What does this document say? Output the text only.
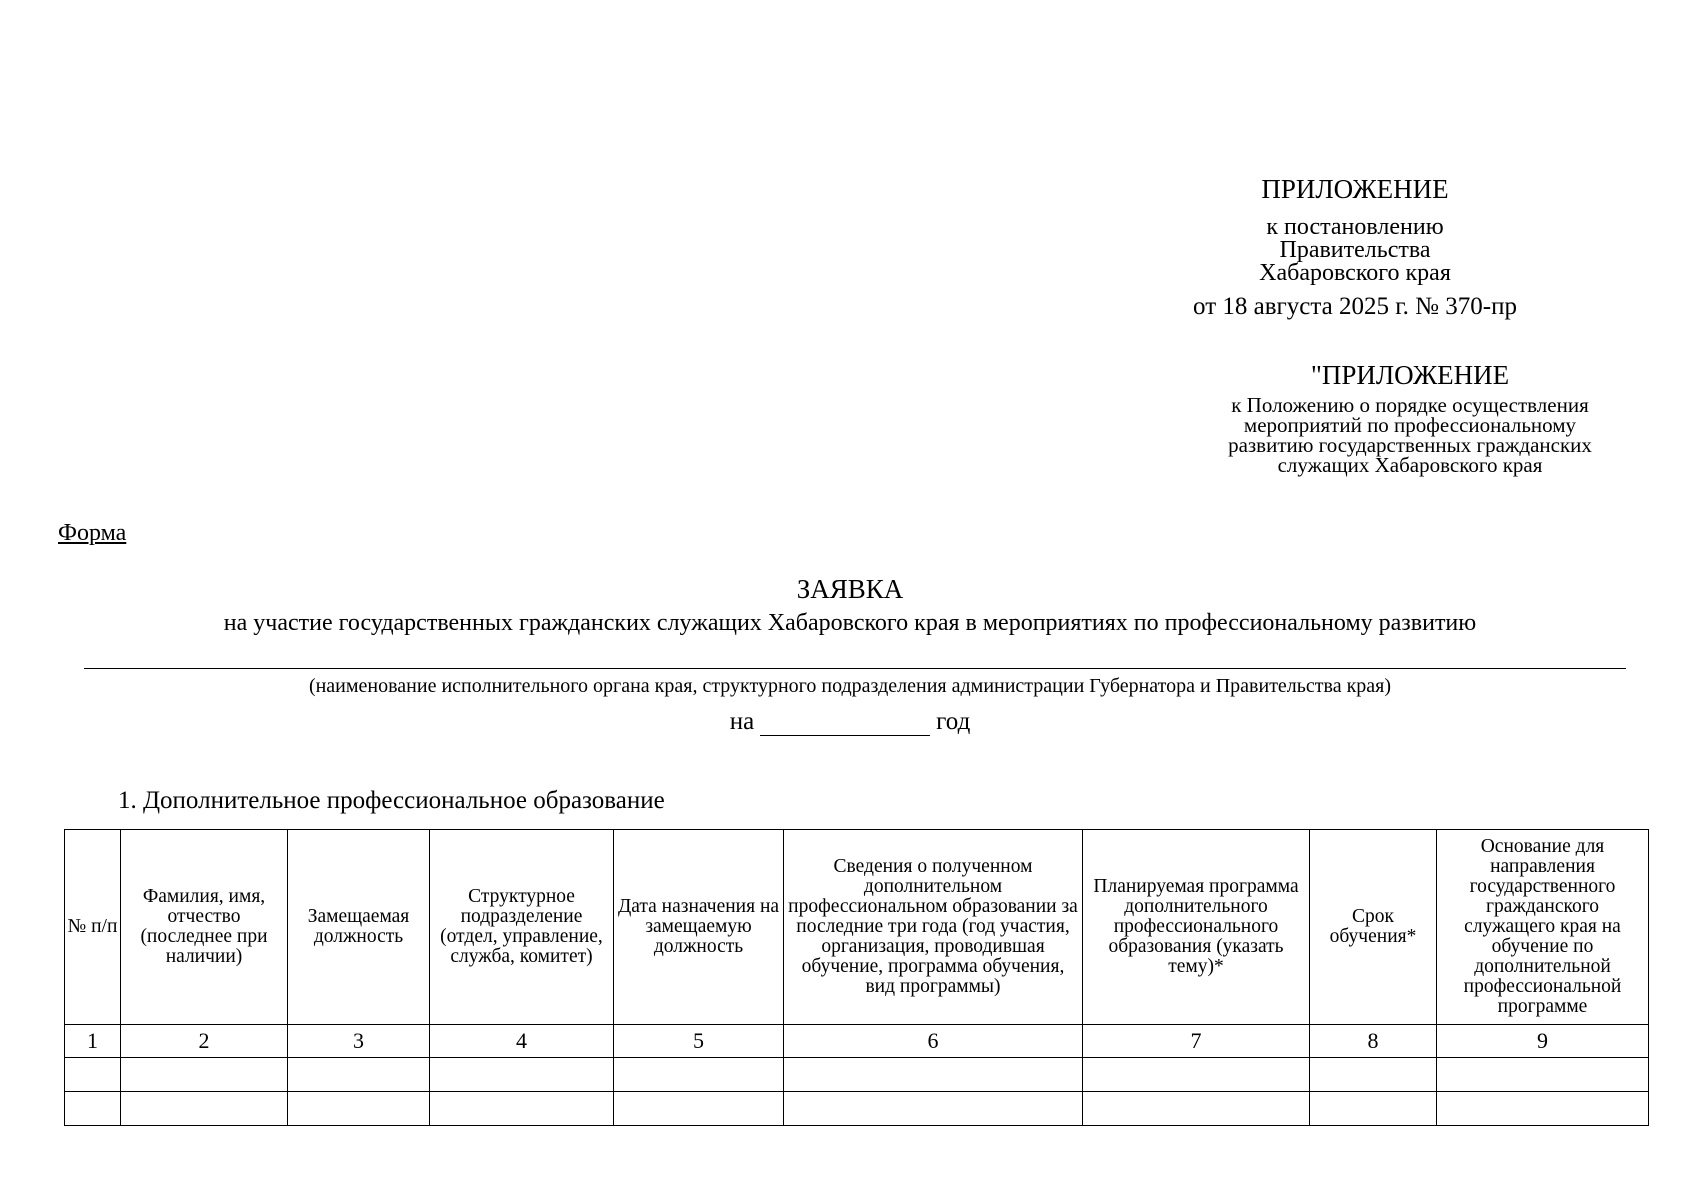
ПРИЛОЖЕНИЕ
к постановлению
Правительства
Хабаровского края
от 18 августа 2025 г. № 370-пр
"ПРИЛОЖЕНИЕ
к Положению о порядке осуществления
мероприятий по профессиональному
развитию государственных гражданских
служащих Хабаровского края
Форма
ЗАЯВКА
на участие государственных гражданских служащих Хабаровского края в мероприятиях по профессиональному развитию
(наименование исполнительного органа края, структурного подразделения администрации Губернатора и Правительства края)
на	год
1. Дополнительное профессиональное образование
№ п/п	Фамилия, имя, отчество (последнее при наличии)	Замещаемая должность	Структурное подразделение (отдел, управление, служба, комитет)	Дата назначения на замещаемую должность	Сведения о полученном дополнительном профессиональном образовании за последние три года (год участия, организация, проводившая обучение, программа обучения, вид программы)	Планируемая программа дополнительного профессионального образования (указать тему)*	Срок обучения*	Основание для направления государственного гражданского служащего края на обучение по дополнительной профессиональной программе
1	2	3	4	5	6	7	8	9
